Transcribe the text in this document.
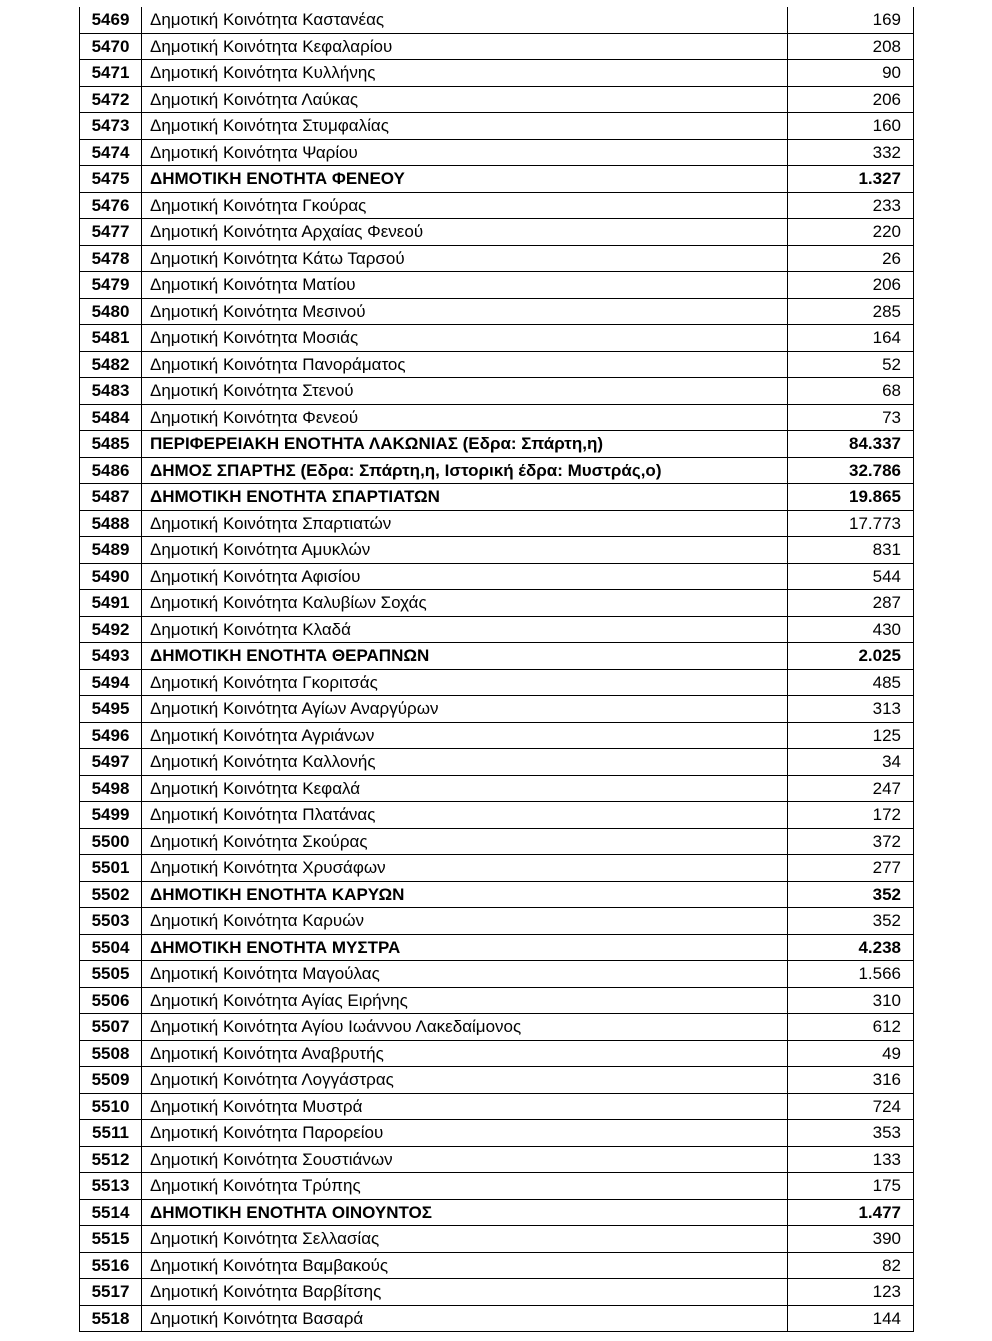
5469	Δημοτική Κοινότητα Καστανέας	169
5470	Δημοτική Κοινότητα Κεφαλαρίου	208
5471	Δημοτική Κοινότητα Κυλλήνης	90
5472	Δημοτική Κοινότητα Λαύκας	206
5473	Δημοτική Κοινότητα Στυμφαλίας	160
5474	Δημοτική Κοινότητα Ψαρίου	332
5475	ΔΗΜΟΤΙΚΗ ΕΝΟΤΗΤΑ ΦΕΝΕΟΥ	1.327
5476	Δημοτική Κοινότητα Γκούρας	233
5477	Δημοτική Κοινότητα Αρχαίας Φενεού	220
5478	Δημοτική Κοινότητα Κάτω Ταρσού	26
5479	Δημοτική Κοινότητα Ματίου	206
5480	Δημοτική Κοινότητα Μεσινού	285
5481	Δημοτική Κοινότητα Μοσιάς	164
5482	Δημοτική Κοινότητα Πανοράματος	52
5483	Δημοτική Κοινότητα Στενού	68
5484	Δημοτική Κοινότητα Φενεού	73
5485	ΠΕΡΙΦΕΡΕΙΑΚΗ ΕΝΟΤΗΤΑ ΛΑΚΩΝΙΑΣ (Εδρα: Σπάρτη,η)	84.337
5486	ΔΗΜΟΣ ΣΠΑΡΤΗΣ (Εδρα: Σπάρτη,η, Ιστορική έδρα: Μυστράς,ο)	32.786
5487	ΔΗΜΟΤΙΚΗ ΕΝΟΤΗΤΑ ΣΠΑΡΤΙΑΤΩΝ	19.865
5488	Δημοτική Κοινότητα Σπαρτιατών	17.773
5489	Δημοτική Κοινότητα Αμυκλών	831
5490	Δημοτική Κοινότητα Αφισίου	544
5491	Δημοτική Κοινότητα Καλυβίων Σοχάς	287
5492	Δημοτική Κοινότητα Κλαδά	430
5493	ΔΗΜΟΤΙΚΗ ΕΝΟΤΗΤΑ ΘΕΡΑΠΝΩΝ	2.025
5494	Δημοτική Κοινότητα Γκοριτσάς	485
5495	Δημοτική Κοινότητα Αγίων Αναργύρων	313
5496	Δημοτική Κοινότητα Αγριάνων	125
5497	Δημοτική Κοινότητα Καλλονής	34
5498	Δημοτική Κοινότητα Κεφαλά	247
5499	Δημοτική Κοινότητα Πλατάνας	172
5500	Δημοτική Κοινότητα Σκούρας	372
5501	Δημοτική Κοινότητα Χρυσάφων	277
5502	ΔΗΜΟΤΙΚΗ ΕΝΟΤΗΤΑ ΚΑΡΥΩΝ	352
5503	Δημοτική Κοινότητα Καρυών	352
5504	ΔΗΜΟΤΙΚΗ ΕΝΟΤΗΤΑ ΜΥΣΤΡΑ	4.238
5505	Δημοτική Κοινότητα Μαγούλας	1.566
5506	Δημοτική Κοινότητα Αγίας Ειρήνης	310
5507	Δημοτική Κοινότητα Αγίου Ιωάννου Λακεδαίμονος	612
5508	Δημοτική Κοινότητα Αναβρυτής	49
5509	Δημοτική Κοινότητα Λογγάστρας	316
5510	Δημοτική Κοινότητα Μυστρά	724
5511	Δημοτική Κοινότητα Παρορείου	353
5512	Δημοτική Κοινότητα Σουστιάνων	133
5513	Δημοτική Κοινότητα Τρύπης	175
5514	ΔΗΜΟΤΙΚΗ ΕΝΟΤΗΤΑ ΟΙΝΟΥΝΤΟΣ	1.477
5515	Δημοτική Κοινότητα Σελλασίας	390
5516	Δημοτική Κοινότητα Βαμβακούς	82
5517	Δημοτική Κοινότητα Βαρβίτσης	123
5518	Δημοτική Κοινότητα Βασαρά	144
